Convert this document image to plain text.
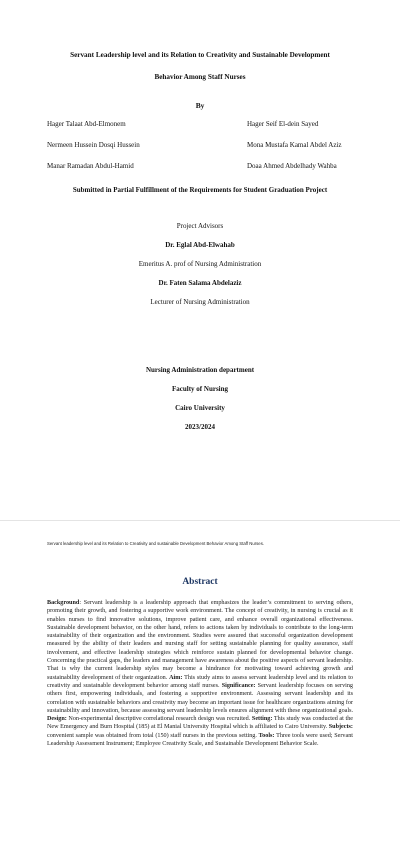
Servant Leadership level and its Relation to Creativity and Sustainable Development
Behavior Among Staff Nurses
By
Hager Talaat Abd-Elmonem	Hager Seif El-dein Sayed
Nermeen Hussein Dosqi Hussein	Mona Mustafa Kamal Abdel Aziz
Manar Ramadan Abdul-Hamid	Doaa Ahmed Abdelhady Wahba
Submitted in Partial Fulfillment of the Requirements for Student Graduation Project
Project Advisors
Dr. Eglal Abd-Elwahab
Emeritus A. prof of Nursing Administration
Dr. Faten Salama Abdelaziz
Lecturer of Nursing Administration
Nursing Administration department
Faculty of Nursing
Cairo University
2023/2024
Servant leadership level and its Relation to Creativity and sustainable Development Behavior Among Staff Nurses.
Abstract
Background: Servant leadership is a leadership approach that emphasizes the leader’s commitment to serving others, promoting their growth, and fostering a supportive work environment. The concept of creativity, in nursing is crucial as it enables nurses to find innovative solutions, improve patient care, and enhance overall organizational effectiveness. Sustainable development behavior, on the other hand, refers to actions taken by individuals to contribute to the long-term sustainability of their organization and the environment. Studies were assured that successful organization development measured by the ability of their leaders and nursing staff for setting sustainable planning for quality assurance, staff involvement, and effective leadership strategies which reinforce sustain planned for developmental behavior change. Concerning the practical gaps, the leaders and management have awareness about the positive aspects of servant leadership. That is why the current leadership styles may become a hindrance for motivating toward achieving growth and sustainability development of their organization. Aim: This study aims to assess servant leadership level and its relation to creativity and sustainable development behavior among staff nurses. Significance: Servant leadership focuses on serving others first, empowering individuals, and fostering a supportive environment. Assessing servant leadership and its correlation with sustainable behaviors and creativity may become an important issue for healthcare organizations aiming for sustainability and innovation, because assessing servant leadership levels ensures alignment with these organizational goals. Design: Non-experimental descriptive correlational research design was recruited. Setting: This study was conducted at the New Emergency and Burn Hospital (185) at El Manial University Hospital which is affiliated to Cairo University. Subjects: convenient sample was obtained from total (150) staff nurses in the previous setting. Tools: Three tools were used; Servant Leadership Assessment Instrument; Employee Creativity Scale, and Sustainable Development Behavior Scale.
